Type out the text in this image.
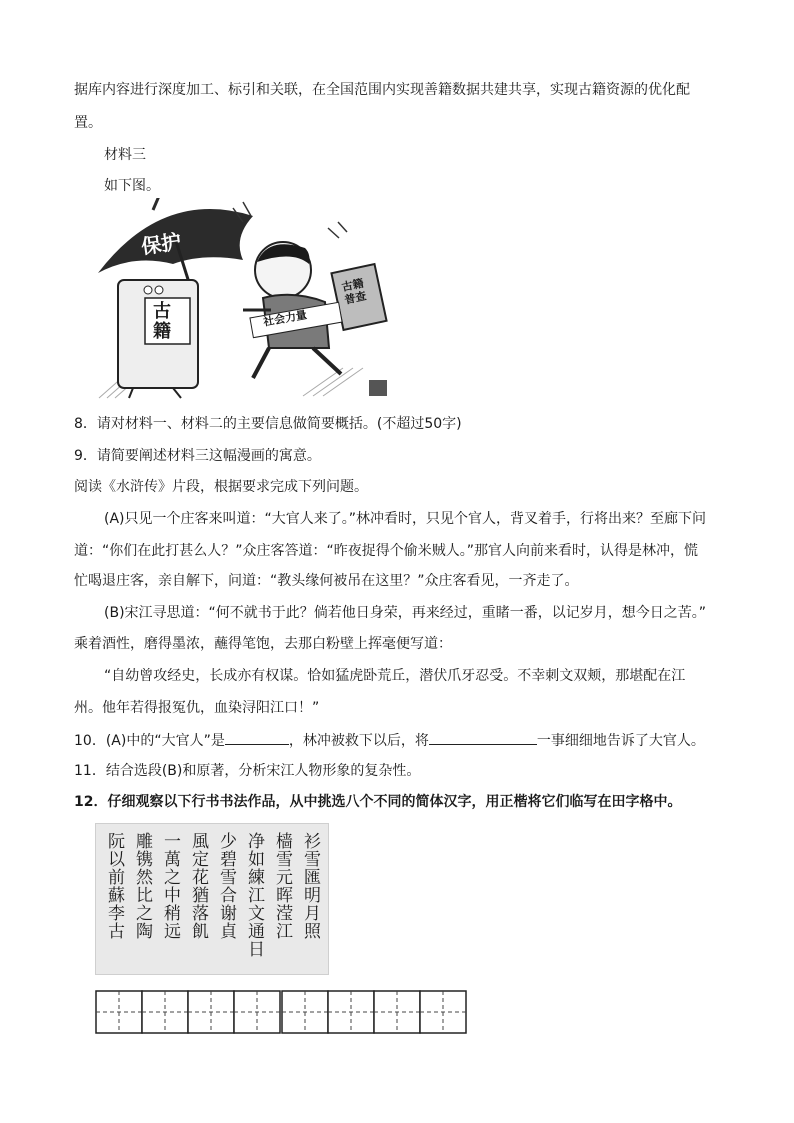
据库内容进行深度加工、标引和关联，在全国范围内实现善籍数据共建共享，实现古籍资源的优化配
置。
材料三
如下图。
保护
古籍
社会力量
古籍普查
8．请对材料一、材料二的主要信息做简要概括。(不超过50字)
9．请简要阐述材料三这幅漫画的寓意。
阅读《水浒传》片段，根据要求完成下列问题。
(A)只见一个庄客来叫道：“大官人来了。”林冲看时，只见个官人，背叉着手，行将出来？至廊下问
道：“你们在此打甚么人？”众庄客答道：“昨夜捉得个偷米贼人。”那官人向前来看时，认得是林冲，慌
忙喝退庄客，亲自解下，问道：“教头缘何被吊在这里？”众庄客看见，一齐走了。
(B)宋江寻思道：“何不就书于此？倘若他日身荣，再来经过，重睹一番，以记岁月，想今日之苦。”
乘着酒性，磨得墨浓，蘸得笔饱，去那白粉壁上挥毫便写道：
“自幼曾攻经史，长成亦有权谋。恰如猛虎卧荒丘，潜伏爪牙忍受。不幸刺文双颊，那堪配在江
州。他年若得报冤仇，血染浔阳江口！”
10．(A)中的“大官人”是	，林冲被救下以后，将	一事细细地告诉了大官人。
11．结合选段(B)和原著，分析宋江人物形象的复杂性。
12．仔细观察以下行书书法作品，从中挑选八个不同的简体汉字，用正楷将它们临写在田字格中。
衫雪匯明月照
樯雪元晖滢江
净如練江文通日
少碧雪合谢貞
風定花猶落飢
一萬之中稍远
雕镌然比之陶
阮以前蘇李古
